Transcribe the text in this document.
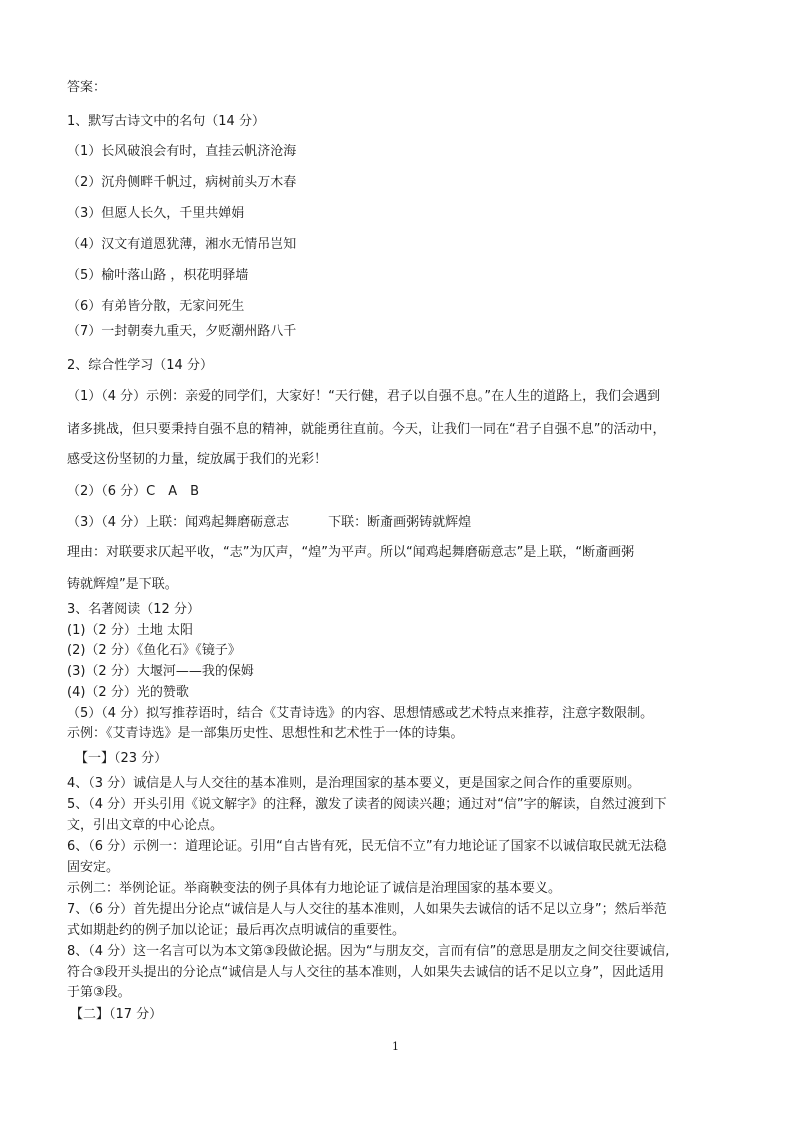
答案：
1、默写古诗文中的名句（14 分）
（1）长风破浪会有时，直挂云帆济沧海
（2）沉舟侧畔千帆过，病树前头万木春
（3）但愿人长久，千里共婵娟
（4）汉文有道恩犹薄，湘水无情吊岂知
（5）榆叶落山路 ，枳花明驿墙
（6）有弟皆分散，无家问死生
（7）一封朝奏九重天，夕贬潮州路八千
2、综合性学习（14 分）
（1）（4 分）示例：亲爱的同学们，大家好！“天行健，君子以自强不息。”在人生的道路上，我们会遇到
诸多挑战，但只要秉持自强不息的精神，就能勇往直前。今天，让我们一同在“君子自强不息”的活动中，
感受这份坚韧的力量，绽放属于我们的光彩！
（2）（6 分）C　A　B
（3）（4 分）上联：闻鸡起舞磨砺意志　　　下联：断齑画粥铸就辉煌
理由：对联要求仄起平收，“志”为仄声，“煌”为平声。所以“闻鸡起舞磨砺意志”是上联，“断齑画粥
铸就辉煌”是下联。
3、名著阅读（12 分）
(1)（2 分）土地 太阳
(2)（2 分）《鱼化石》《镜子》
(3)（2 分）大堰河——我的保姆
(4)（2 分）光的赞歌
（5）（4 分）拟写推荐语时，结合《艾青诗选》的内容、思想情感或艺术特点来推荐，注意字数限制。
示例：《艾青诗选》是一部集历史性、思想性和艺术性于一体的诗集。
【一】（23 分）
4、（3 分）诚信是人与人交往的基本准则，是治理国家的基本要义，更是国家之间合作的重要原则。
5、（4 分）开头引用《说文解字》的注释，激发了读者的阅读兴趣；通过对“信”字的解读，自然过渡到下
文，引出文章的中心论点。
6、（6 分）示例一：道理论证。引用“自古皆有死，民无信不立”有力地论证了国家不以诚信取民就无法稳
固安定。
示例二：举例论证。举商鞅变法的例子具体有力地论证了诚信是治理国家的基本要义。
7、（6 分）首先提出分论点“诚信是人与人交往的基本准则，人如果失去诚信的话不足以立身”；然后举范
式如期赴约的例子加以论证；最后再次点明诚信的重要性。
8、（4 分）这一名言可以为本文第③段做论据。因为“与朋友交，言而有信”的意思是朋友之间交往要诚信,
符合③段开头提出的分论点“诚信是人与人交往的基本准则，人如果失去诚信的话不足以立身”，因此适用
于第③段。
【二】（17 分）
1
